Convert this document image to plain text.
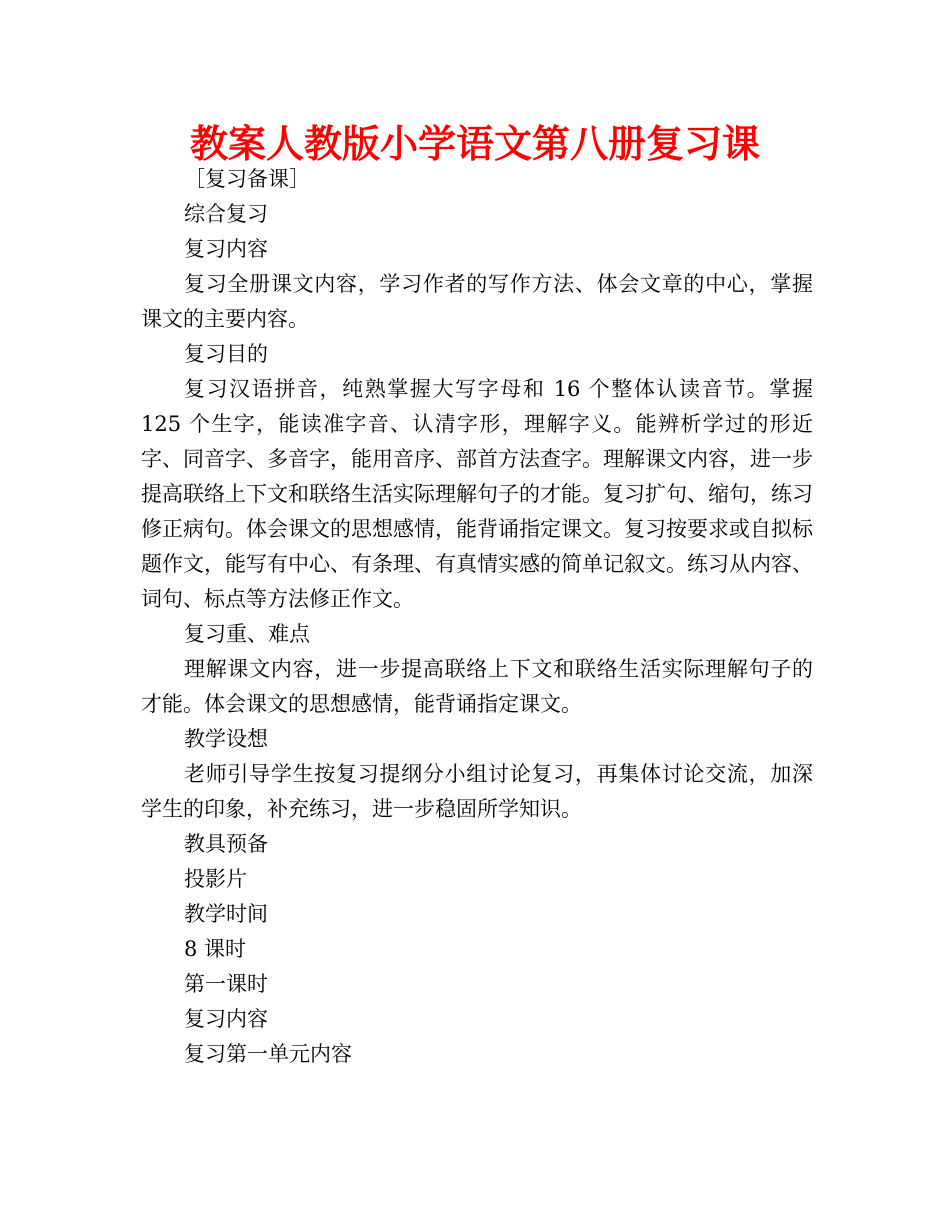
教案人教版小学语文第八册复习课

［复习备课］

综合复习

复习内容

复习全册课文内容，学习作者的写作方法、体会文章的中心，掌握课文的主要内容。

复习目的

复习汉语拼音，纯熟掌握大写字母和 16 个整体认读音节。掌握 125 个生字，能读准字音、认清字形，理解字义。能辨析学过的形近字、同音字、多音字，能用音序、部首方法查字。理解课文内容，进一步提高联络上下文和联络生活实际理解句子的才能。复习扩句、缩句，练习修正病句。体会课文的思想感情，能背诵指定课文。复习按要求或自拟标题作文，能写有中心、有条理、有真情实感的简单记叙文。练习从内容、词句、标点等方法修正作文。

复习重、难点

理解课文内容，进一步提高联络上下文和联络生活实际理解句子的才能。体会课文的思想感情，能背诵指定课文。

教学设想

老师引导学生按复习提纲分小组讨论复习，再集体讨论交流，加深学生的印象，补充练习，进一步稳固所学知识。

教具预备

投影片

教学时间

8 课时

第一课时

复习内容

复习第一单元内容
